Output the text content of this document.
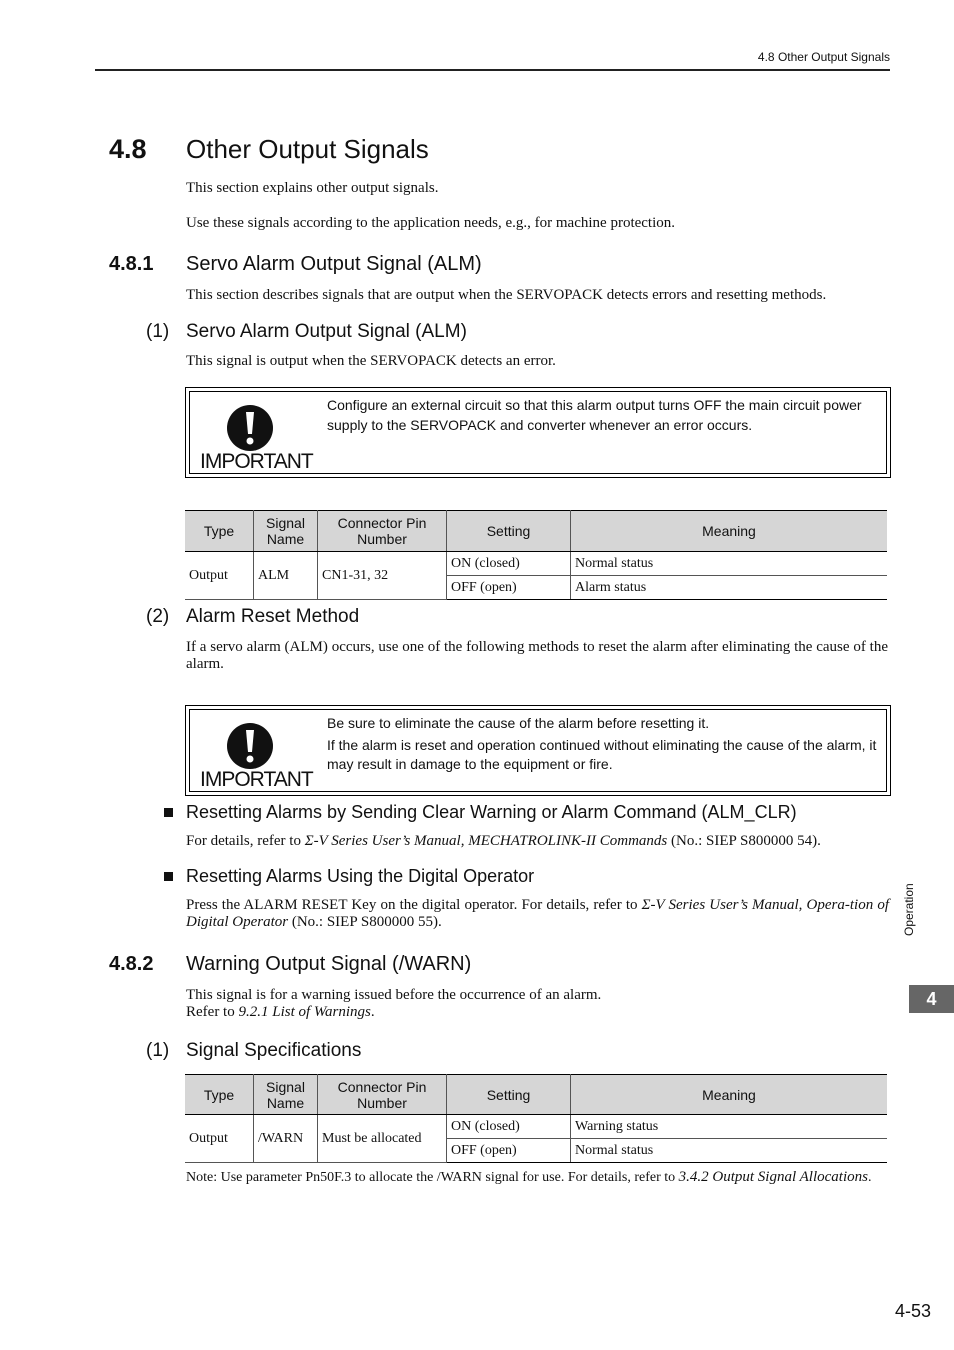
4.8 Other Output Signals
4.8 Other Output Signals
This section explains other output signals.
Use these signals according to the application needs, e.g., for machine protection.
4.8.1 Servo Alarm Output Signal (ALM)
This section describes signals that are output when the SERVOPACK detects errors and resetting methods.
(1) Servo Alarm Output Signal (ALM)
This signal is output when the SERVOPACK detects an error.
IMPORTANT
Configure an external circuit so that this alarm output turns OFF the main circuit power supply to the SERVOPACK and converter whenever an error occurs.
Type	Signal Name	Connector Pin Number	Setting	Meaning
Output	ALM	CN1-31, 32	ON (closed)	Normal status
			OFF (open)	Alarm status
(2) Alarm Reset Method
If a servo alarm (ALM) occurs, use one of the following methods to reset the alarm after eliminating the cause of the alarm.
IMPORTANT
Be sure to eliminate the cause of the alarm before resetting it.
If the alarm is reset and operation continued without eliminating the cause of the alarm, it may result in damage to the equipment or fire.
Resetting Alarms by Sending Clear Warning or Alarm Command (ALM_CLR)
For details, refer to Σ-V Series User’s Manual, MECHATROLINK-II Commands (No.: SIEP S800000 54).
Resetting Alarms Using the Digital Operator
Press the ALARM RESET Key on the digital operator. For details, refer to Σ-V Series User’s Manual, Opera-tion of Digital Operator (No.: SIEP S800000 55).
4.8.2 Warning Output Signal (/WARN)
This signal is for a warning issued before the occurrence of an alarm.
Refer to 9.2.1 List of Warnings.
(1) Signal Specifications
Type	Signal Name	Connector Pin Number	Setting	Meaning
Output	/WARN	Must be allocated	ON (closed)	Warning status
			OFF (open)	Normal status
Note: Use parameter Pn50F.3 to allocate the /WARN signal for use. For details, refer to 3.4.2 Output Signal Allocations.
Operation
4
4-53
